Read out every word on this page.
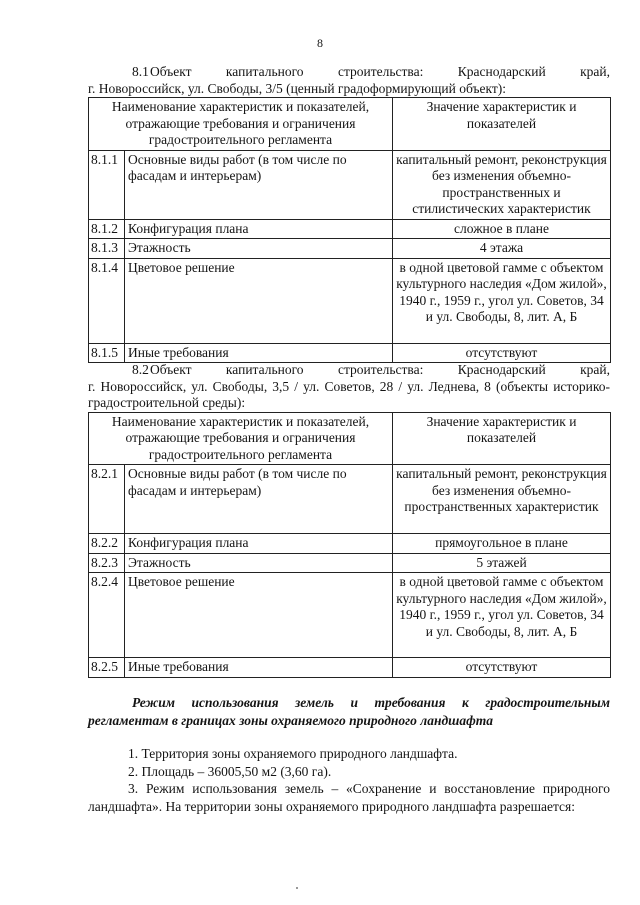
8

8.1Объект капитального строительства: Краснодарский край,

г. Новороссийск, ул. Свободы, 3/5 (ценный градоформирующий объект):

Наименование характеристик и показателей, отражающие требования и ограничения градостроительного регламента		Значение характеристик и показателей
8.1.1	Основные виды работ (в том числе по фасадам и интерьерам)	капитальный ремонт, реконструкция без изменения объемно-пространственных и стилистических характеристик
8.1.2	Конфигурация плана	сложное в плане
8.1.3	Этажность	4 этажа
8.1.4	Цветовое решение	в одной цветовой гамме с объектом культурного наследия «Дом жилой», 1940 г., 1959 г., угол ул. Советов, 34 и ул. Свободы, 8, лит. А, Б
8.1.5	Иные требования	отсутствуют

8.2Объект капитального строительства: Краснодарский край,

г. Новороссийск, ул. Свободы, 3,5 / ул. Советов, 28 / ул. Леднева, 8 (объекты историко-градостроительной среды):

Наименование характеристик и показателей, отражающие требования и ограничения градостроительного регламента		Значение характеристик и показателей
8.2.1	Основные виды работ (в том числе по фасадам и интерьерам)	капитальный ремонт, реконструкция без изменения объемно-пространственных характеристик
8.2.2	Конфигурация плана	прямоугольное в плане
8.2.3	Этажность	5 этажей
8.2.4	Цветовое решение	в одной цветовой гамме с объектом культурного наследия «Дом жилой», 1940 г., 1959 г., угол ул. Советов, 34 и ул. Свободы, 8, лит. А, Б
8.2.5	Иные требования	отсутствуют
Режим использования земель и требования к градостроительным
регламентам в границах зоны охраняемого природного ландшафта

1. Территория зоны охраняемого природного ландшафта.

2. Площадь – 36005,50 м2 (3,60 га).

3. Режим использования земель – «Сохранение и восстановление природного ландшафта». На территории зоны охраняемого природного ландшафта разрешается:
